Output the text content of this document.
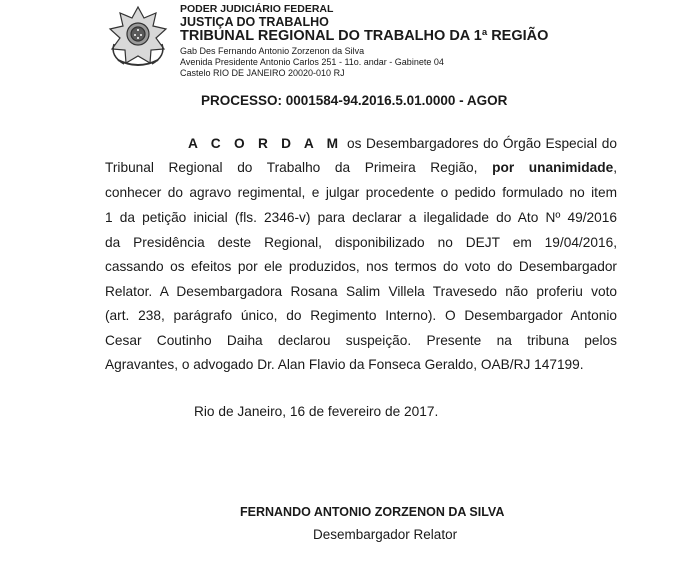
PODER JUDICIÁRIO FEDERAL
JUSTIÇA DO TRABALHO
TRIBUNAL REGIONAL DO TRABALHO DA 1ª REGIÃO
Gab Des Fernando Antonio Zorzenon da Silva
Avenida Presidente Antonio Carlos 251 - 11o. andar - Gabinete 04
Castelo RIO DE JANEIRO 20020-010 RJ
PROCESSO: 0001584-94.2016.5.01.0000 - AGOR
A C O R D A M os Desembargadores do Órgão Especial do
Tribunal Regional do Trabalho da Primeira Região, por unanimidade,
conhecer do agravo regimental, e julgar procedente o pedido formulado no item
1 da petição inicial (fls. 2346-v) para declarar a ilegalidade do Ato Nº 49/2016
da Presidência deste Regional, disponibilizado no DEJT em 19/04/2016,
cassando os efeitos por ele produzidos, nos termos do voto do Desembargador
Relator. A Desembargadora Rosana Salim Villela Travesedo não proferiu voto
(art. 238, parágrafo único, do Regimento Interno). O Desembargador Antonio
Cesar Coutinho Daiha declarou suspeição. Presente na tribuna pelos
Agravantes, o advogado Dr. Alan Flavio da Fonseca Geraldo, OAB/RJ 147199.
Rio de Janeiro, 16 de fevereiro de 2017.
FERNANDO ANTONIO ZORZENON DA SILVA
Desembargador Relator
